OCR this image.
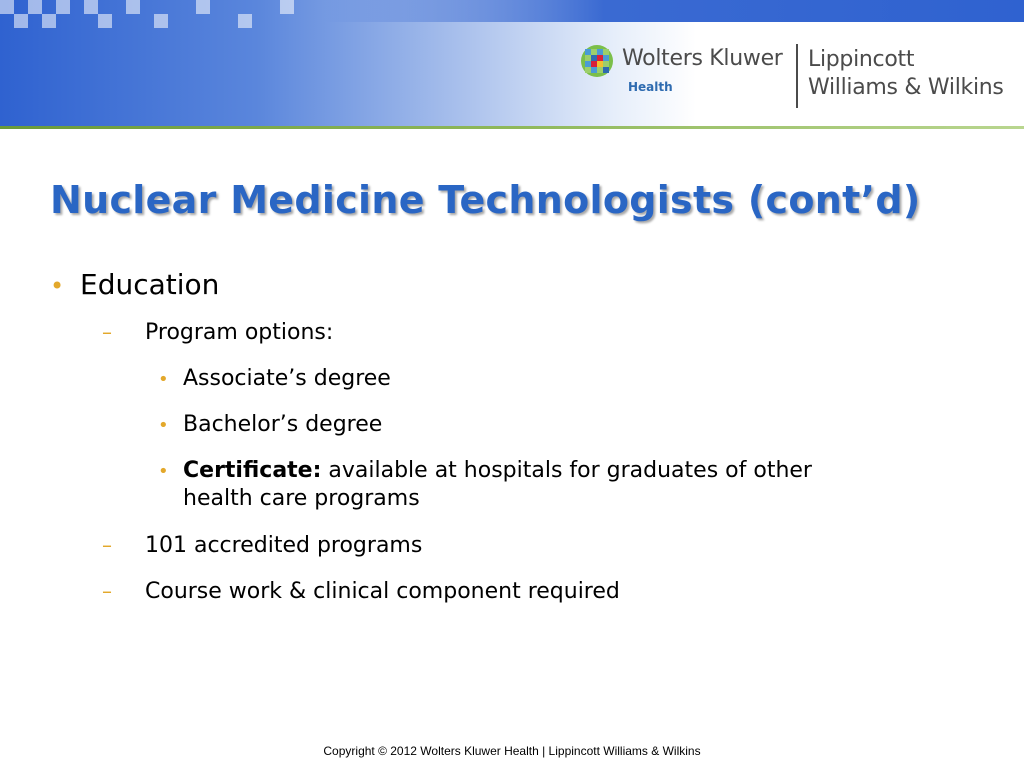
Wolters Kluwer
Health
Lippincott
Williams & Wilkins
Nuclear Medicine Technologists (cont’d)
• Education
– Program options:
• Associate’s degree
• Bachelor’s degree
• Certificate: available at hospitals for graduates of other
health care programs
– 101 accredited programs
– Course work & clinical component required
Copyright © 2012 Wolters Kluwer Health | Lippincott Williams & Wilkins
